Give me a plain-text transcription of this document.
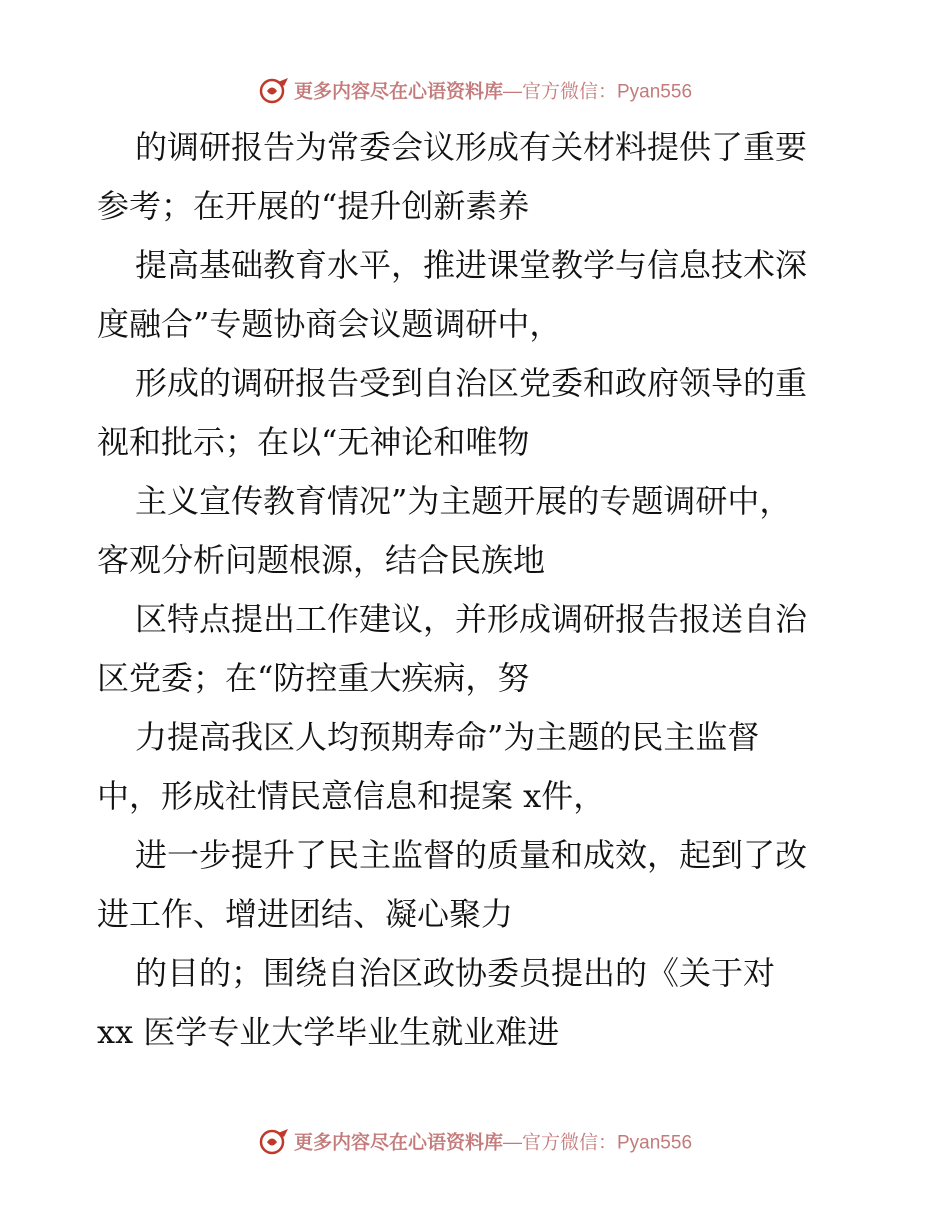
更多内容尽在心语资料库—官方微信：Pyan556

的调研报告为常委会议形成有关材料提供了重要
参考；在开展的“提升创新素养

提高基础教育水平，推进课堂教学与信息技术深
度融合”专题协商会议题调研中，

形成的调研报告受到自治区党委和政府领导的重
视和批示；在以“无神论和唯物

主义宣传教育情况”为主题开展的专题调研中，
客观分析问题根源，结合民族地

区特点提出工作建议，并形成调研报告报送自治
区党委；在“防控重大疾病，努

力提高我区人均预期寿命”为主题的民主监督
中，形成社情民意信息和提案 x件，

进一步提升了民主监督的质量和成效，起到了改
进工作、增进团结、凝心聚力

的目的；围绕自治区政协委员提出的《关于对
xx 医学专业大学毕业生就业难进

更多内容尽在心语资料库—官方微信：Pyan556
